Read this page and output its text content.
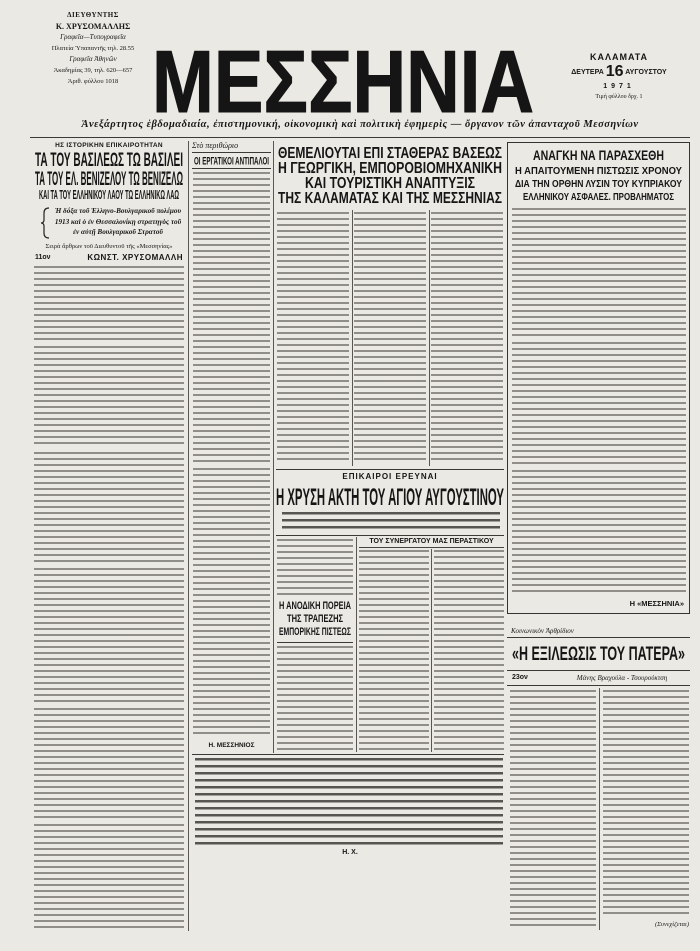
ΔΙΕΥΘΥΝΤΗΣ
Κ. ΧΡΥΣΟΜΑΛΛΗΣ
Γραφεῖα—Τυπογραφεῖα
Πλατεία Ὑπαπαντῆς τηλ. 28.55
Γραφεῖα Ἀθηνῶν
Ἀκαδημίας 39, τηλ. 620—657
Ἀριθ. φύλλου 1018 ΜΕΣΣΗΝΙΑ	ΚΑΛΑΜΑΤΑ
ΔΕΥΤΕΡΑ 16 ΑΥΓΟΥΣΤΟΥ
1971
Τιμὴ φύλλου δρχ. 1
Ἀνεξάρτητος ἑβδομαδιαία, ἐπιστημονική, οἰκονομικὴ καὶ πολιτικὴ ἐφημερὶς — ὄργανον τῶν ἀπανταχοῦ Μεσσηνίων
ΗΣ ΙΣΤΟΡΙΚΗΝ ΕΠΙΚΑΙΡΟΤΗΤΑΝ
ΤΑ ΤΟΥ ΒΑΣΙΛΕΩΣ ΤΩ ΒΑΣΙΛΕΙ
ΤΑ ΤΟΥ ΕΛ. ΒΕΝΙΖΕΛΟΥ ΤΩ ΒΕΝΙΖΕΛΩ
ΚΑΙ ΤΑ ΤΟΥ ΕΛΛΗΝΙΚΟΥ ΛΑΟΥ ΤΩ ΕΛΛΗΝΙΚΩ ΛΑΩ
Ἡ δόξα τοῦ Ἑλληνο-Βουλγαρικοῦ πολέμου 1913 καὶ ὁ ἐν Θεσσαλονίκῃ στρατηγὸς τοῦ ἐν αὐτῇ Βουλγαρικοῦ Στρατοῦ
Σειρὰ ἄρθρων τοῦ Διευθυντοῦ τῆς «Μεσσηνίας»
11ον	ΚΩΝΣΤ. ΧΡΥΣΟΜΑΛΛΗ
Στὸ περιθώριο
ΟΙ ΕΡΓΑΤΙΚΟΙ ΑΝΤΙΠΑΛΟΙ
Η. ΜΕΣΣΗΝΙΟΣ
ΘΕΜΕΛΙΟΥΤΑΙ ΕΠΙ ΣΤΑΘΕΡΑΣ ΒΑΣΕΩΣ
Η ΓΕΩΡΓΙΚΗ, ΕΜΠΟΡΟΒΙΟΜΗΧΑΝΙΚΗ
ΚΑΙ ΤΟΥΡΙΣΤΙΚΗ ΑΝΑΠΤΥΞΙΣ
ΤΗΣ ΚΑΛΑΜΑΤΑΣ ΚΑΙ ΤΗΣ ΜΕΣΣΗΝΙΑΣ
ΕΠΙΚΑΙΡΟΙ ΕΡΕΥΝΑΙ
Η ΧΡΥΣΗ ΑΚΤΗ ΤΟΥ ΑΓΙΟΥ ΑΥΓΟΥΣΤΙΝΟΥ
ΤΟΥ ΣΥΝΕΡΓΑΤΟΥ ΜΑΣ ΠΕΡΑΣΤΙΚΟΥ
Η ΑΝΟΔΙΚΗ ΠΟΡΕΙΑ
ΤΗΣ ΤΡΑΠΕΖΗΣ
ΕΜΠΟΡΙΚΗΣ ΠΙΣΤΕΩΣ
Η. Χ.
ΑΝΑΓΚΗ ΝΑ ΠΑΡΑΣΧΕΘΗ
Η ΑΠΑΙΤΟΥΜΕΝΗ ΠΙΣΤΩΣΙΣ ΧΡΟΝΟΥ
ΔΙΑ ΤΗΝ ΟΡΘΗΝ ΛΥΣΙΝ ΤΟΥ ΚΥΠΡΙΑΚΟΥ
ΕΛΛΗΝΙΚΟΥ ΑΣΦΑΛΕΣ. ΠΡΟΒΛΗΜΑΤΟΣ
Η «ΜΕΣΣΗΝΙΑ»
Κοινωνικὸν Ἀρθρίδιον
«Η ΕΞΙΛΕΩΣΙΣ ΤΟΥ ΠΑΤΕΡΑ»
23ον	Μάνης Βραχούλα - Τσουρούκτση
(Συνεχίζεται)
